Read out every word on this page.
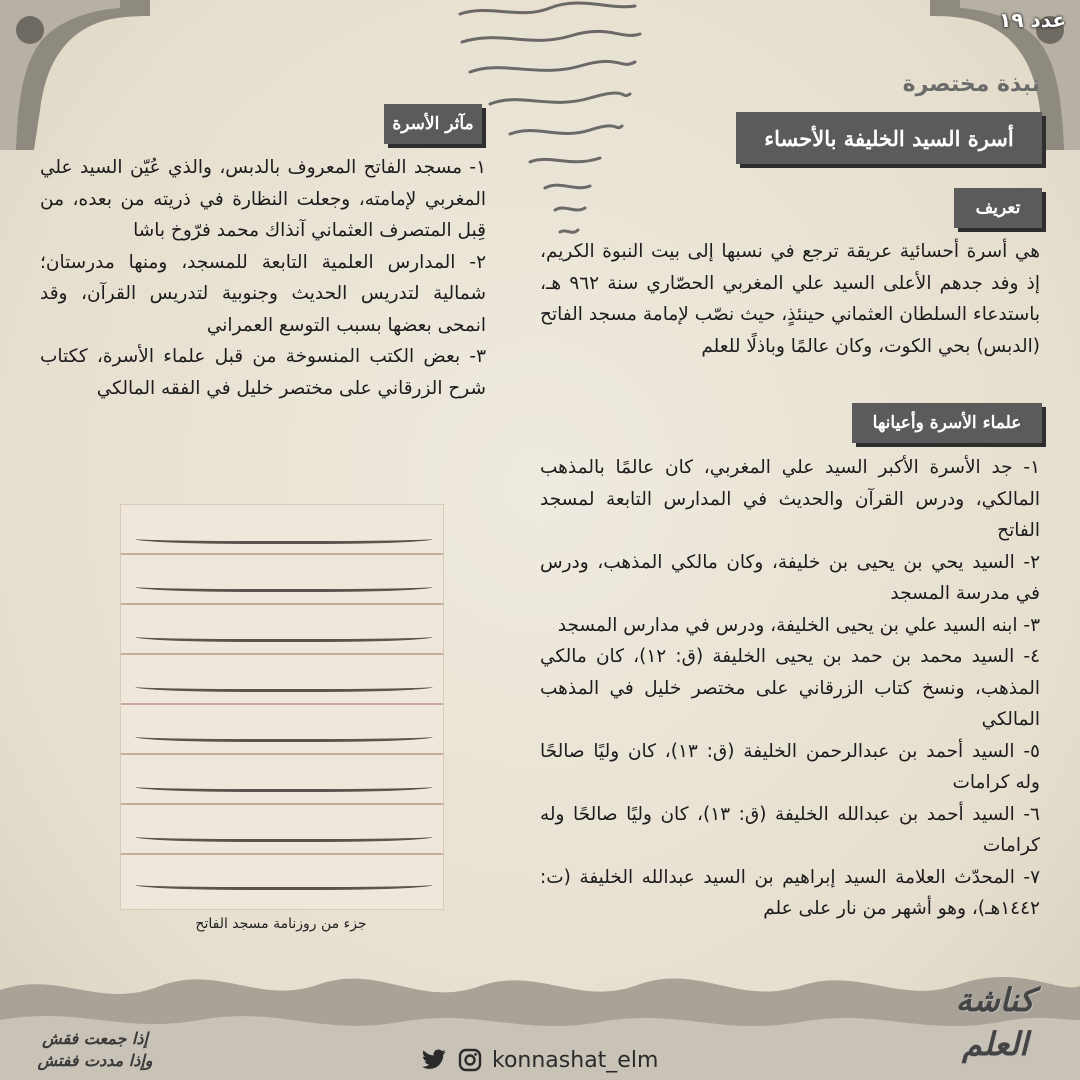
عدد ١٩
نبذة مختصرة
أسرة السيد الخليفة بالأحساء
تعريف
هي أسرة أحسائية عريقة ترجع في نسبها إلى بيت النبوة الكريم، إذ وفد جدهم الأعلى السيد علي المغربي الحصّاري سنة ٩٦٢ هـ، باستدعاء السلطان العثماني حينئذٍ، حيث نصّب لإمامة مسجد الفاتح (الدبس) بحي الكوت، وكان عالمًا وباذلًا للعلم
علماء الأسرة وأعيانها

١- جد الأسرة الأكبر السيد علي المغربي، كان عالمًا بالمذهب المالكي، ودرس القرآن والحديث في المدارس التابعة لمسجد الفاتح

٢- السيد يحي بن يحيى بن خليفة، وكان مالكي المذهب، ودرس في مدرسة المسجد

٣- ابنه السيد علي بن يحيى الخليفة، ودرس في مدارس المسجد

٤- السيد محمد بن حمد بن يحيى الخليفة (ق: ١٢)، كان مالكي المذهب، ونسخ كتاب الزرقاني على مختصر خليل في المذهب المالكي

٥- السيد أحمد بن عبدالرحمن الخليفة (ق: ١٣)، كان وليًا صالحًا وله كرامات

٦- السيد أحمد بن عبدالله الخليفة (ق: ١٣)، كان وليًا صالحًا وله كرامات

٧- المحدّث العلامة السيد إبراهيم بن السيد عبدالله الخليفة (ت: ١٤٤٢هـ)، وهو أشهر من نار على علم

مآثر الأسرة

١- مسجد الفاتح المعروف بالدبس، والذي عُيّن السيد علي المغربي لإمامته، وجعلت النظارة في ذريته من بعده، من قِبل المتصرف العثماني آنذاك محمد فرّوخ باشا

٢- المدارس العلمية التابعة للمسجد، ومنها مدرستان؛ شمالية لتدريس الحديث وجنوبية لتدريس القرآن، وقد انمحى بعضها بسبب التوسع العمراني

٣- بعض الكتب المنسوخة من قبل علماء الأسرة، ككتاب شرح الزرقاني على مختصر خليل في الفقه المالكي

جزء من روزنامة مسجد الفاتح
إذا جمعت فقش
وإذا مددت ففتش	konnashat_elm
كناشة
العلم
